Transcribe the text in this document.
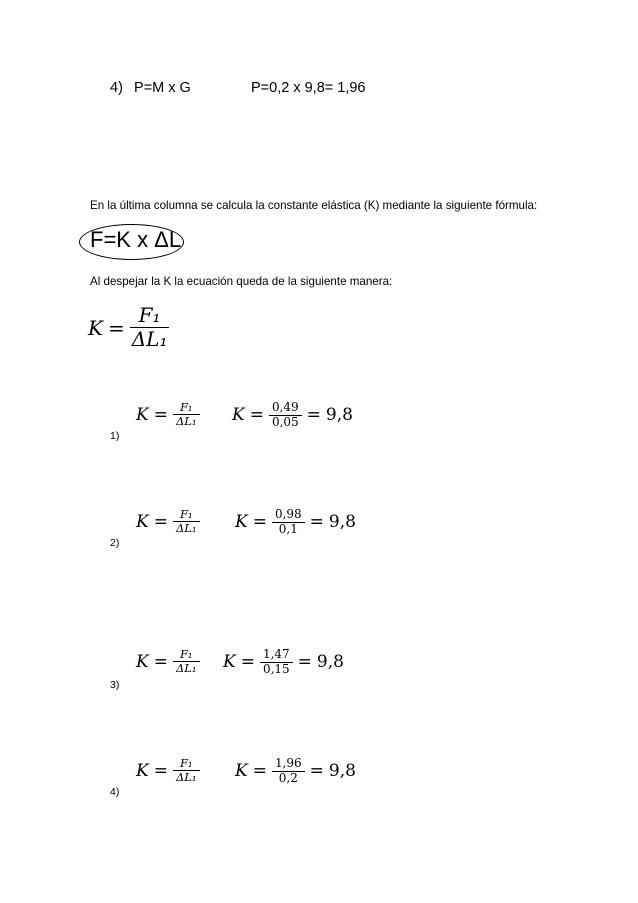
4) P=M x G	P=0,2 x 9,8= 1,96
En la última columna se calcula la constante elástica (K) mediante la siguiente fórmula:
F=K x ΔL
Al despejar la K la ecuación queda de la siguiente manera:
$K = \frac{\text{F₁}}{\text{ΔL₁}}$
1)
$K = \frac{\text{F₁}}{\text{ΔL₁}}$ $K = \frac{0,49}{0,05} = 9,8$
2)
$K = \frac{\text{F₁}}{\text{ΔL₁}}$ $K = \frac{0,98}{0,1} = 9,8$
3)
$K = \frac{\text{F₁}}{\text{ΔL₁}}$ $K = \frac{1,47}{0,15} = 9,8$
4)
$K = \frac{\text{F₁}}{\text{ΔL₁}}$ $K = \frac{1,96}{0,2} = 9,8$
